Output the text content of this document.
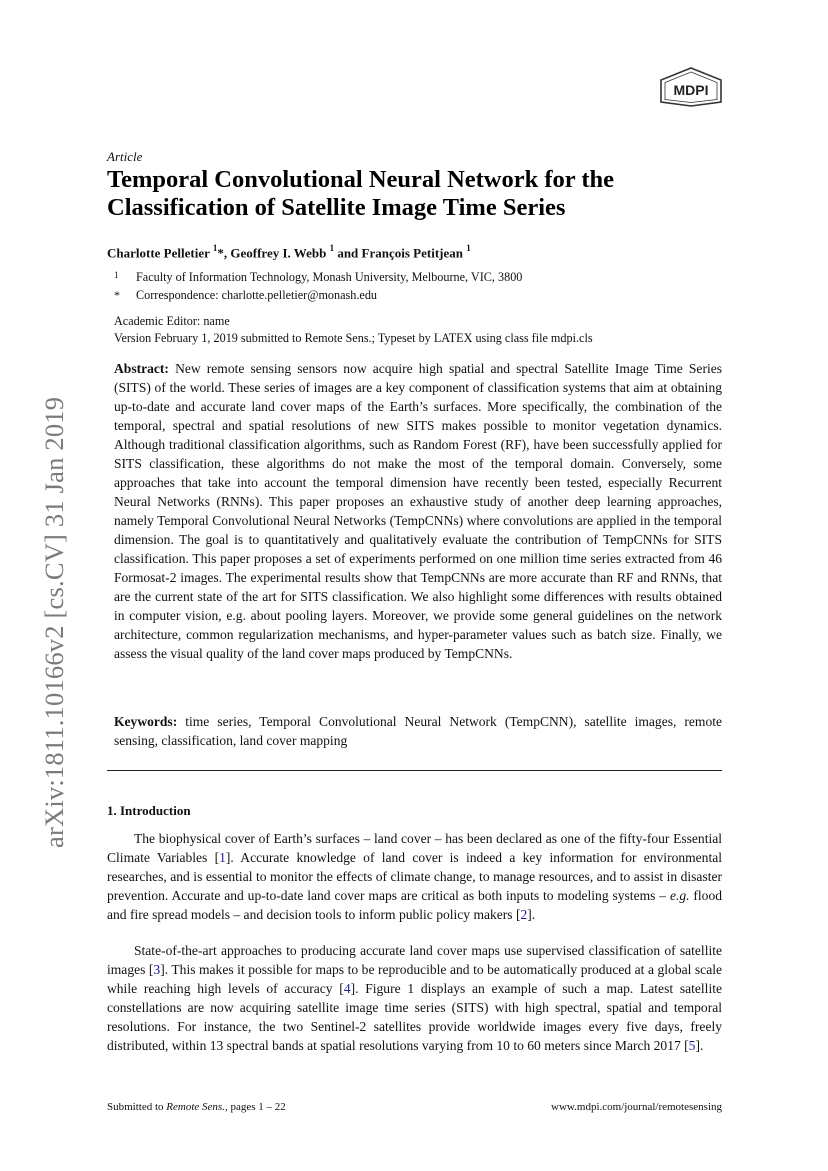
MDPI
arXiv:1811.10166v2 [cs.CV] 31 Jan 2019
Article
Temporal Convolutional Neural Network for the Classification of Satellite Image Time Series
Charlotte Pelletier $^1$*, Geoffrey I. Webb $^1$ and François Petitjean $^1$
1 Faculty of Information Technology, Monash University, Melbourne, VIC, 3800
* Correspondence: charlotte.pelletier@monash.edu
Academic Editor: name
Version February 1, 2019 submitted to Remote Sens.; Typeset by LATEX using class file mdpi.cls

Abstract: New remote sensing sensors now acquire high spatial and spectral Satellite Image Time Series (SITS) of the world. These series of images are a key component of classification systems that aim at obtaining up-to-date and accurate land cover maps of the Earth’s surfaces. More specifically, the combination of the temporal, spectral and spatial resolutions of new SITS makes possible to monitor vegetation dynamics. Although traditional classification algorithms, such as Random Forest (RF), have been successfully applied for SITS classification, these algorithms do not make the most of the temporal domain. Conversely, some approaches that take into account the temporal dimension have recently been tested, especially Recurrent Neural Networks (RNNs). This paper proposes an exhaustive study of another deep learning approaches, namely Temporal Convolutional Neural Networks (TempCNNs) where convolutions are applied in the temporal dimension. The goal is to quantitatively and qualitatively evaluate the contribution of TempCNNs for SITS classification. This paper proposes a set of experiments performed on one million time series extracted from 46 Formosat-2 images. The experimental results show that TempCNNs are more accurate than RF and RNNs, that are the current state of the art for SITS classification. We also highlight some differences with results obtained in computer vision, e.g. about pooling layers. Moreover, we provide some general guidelines on the network architecture, common regularization mechanisms, and hyper-parameter values such as batch size. Finally, we assess the visual quality of the land cover maps produced by TempCNNs.

Keywords: time series, Temporal Convolutional Neural Network (TempCNN), satellite images, remote sensing, classification, land cover mapping

1. Introduction

The biophysical cover of Earth’s surfaces – land cover – has been declared as one of the fifty-four Essential Climate Variables [1]. Accurate knowledge of land cover is indeed a key information for environmental researches, and is essential to monitor the effects of climate change, to manage resources, and to assist in disaster prevention. Accurate and up-to-date land cover maps are critical as both inputs to modeling systems – e.g. flood and fire spread models – and decision tools to inform public policy makers [2].

State-of-the-art approaches to producing accurate land cover maps use supervised classification of satellite images [3]. This makes it possible for maps to be reproducible and to be automatically produced at a global scale while reaching high levels of accuracy [4]. Figure 1 displays an example of such a map. Latest satellite constellations are now acquiring satellite image time series (SITS) with high spectral, spatial and temporal resolutions. For instance, the two Sentinel-2 satellites provide worldwide images every five days, freely distributed, within 13 spectral bands at spatial resolutions varying from 10 to 60 meters since March 2017 [5].

Submitted to Remote Sens., pages 1 – 22	www.mdpi.com/journal/remotesensing
